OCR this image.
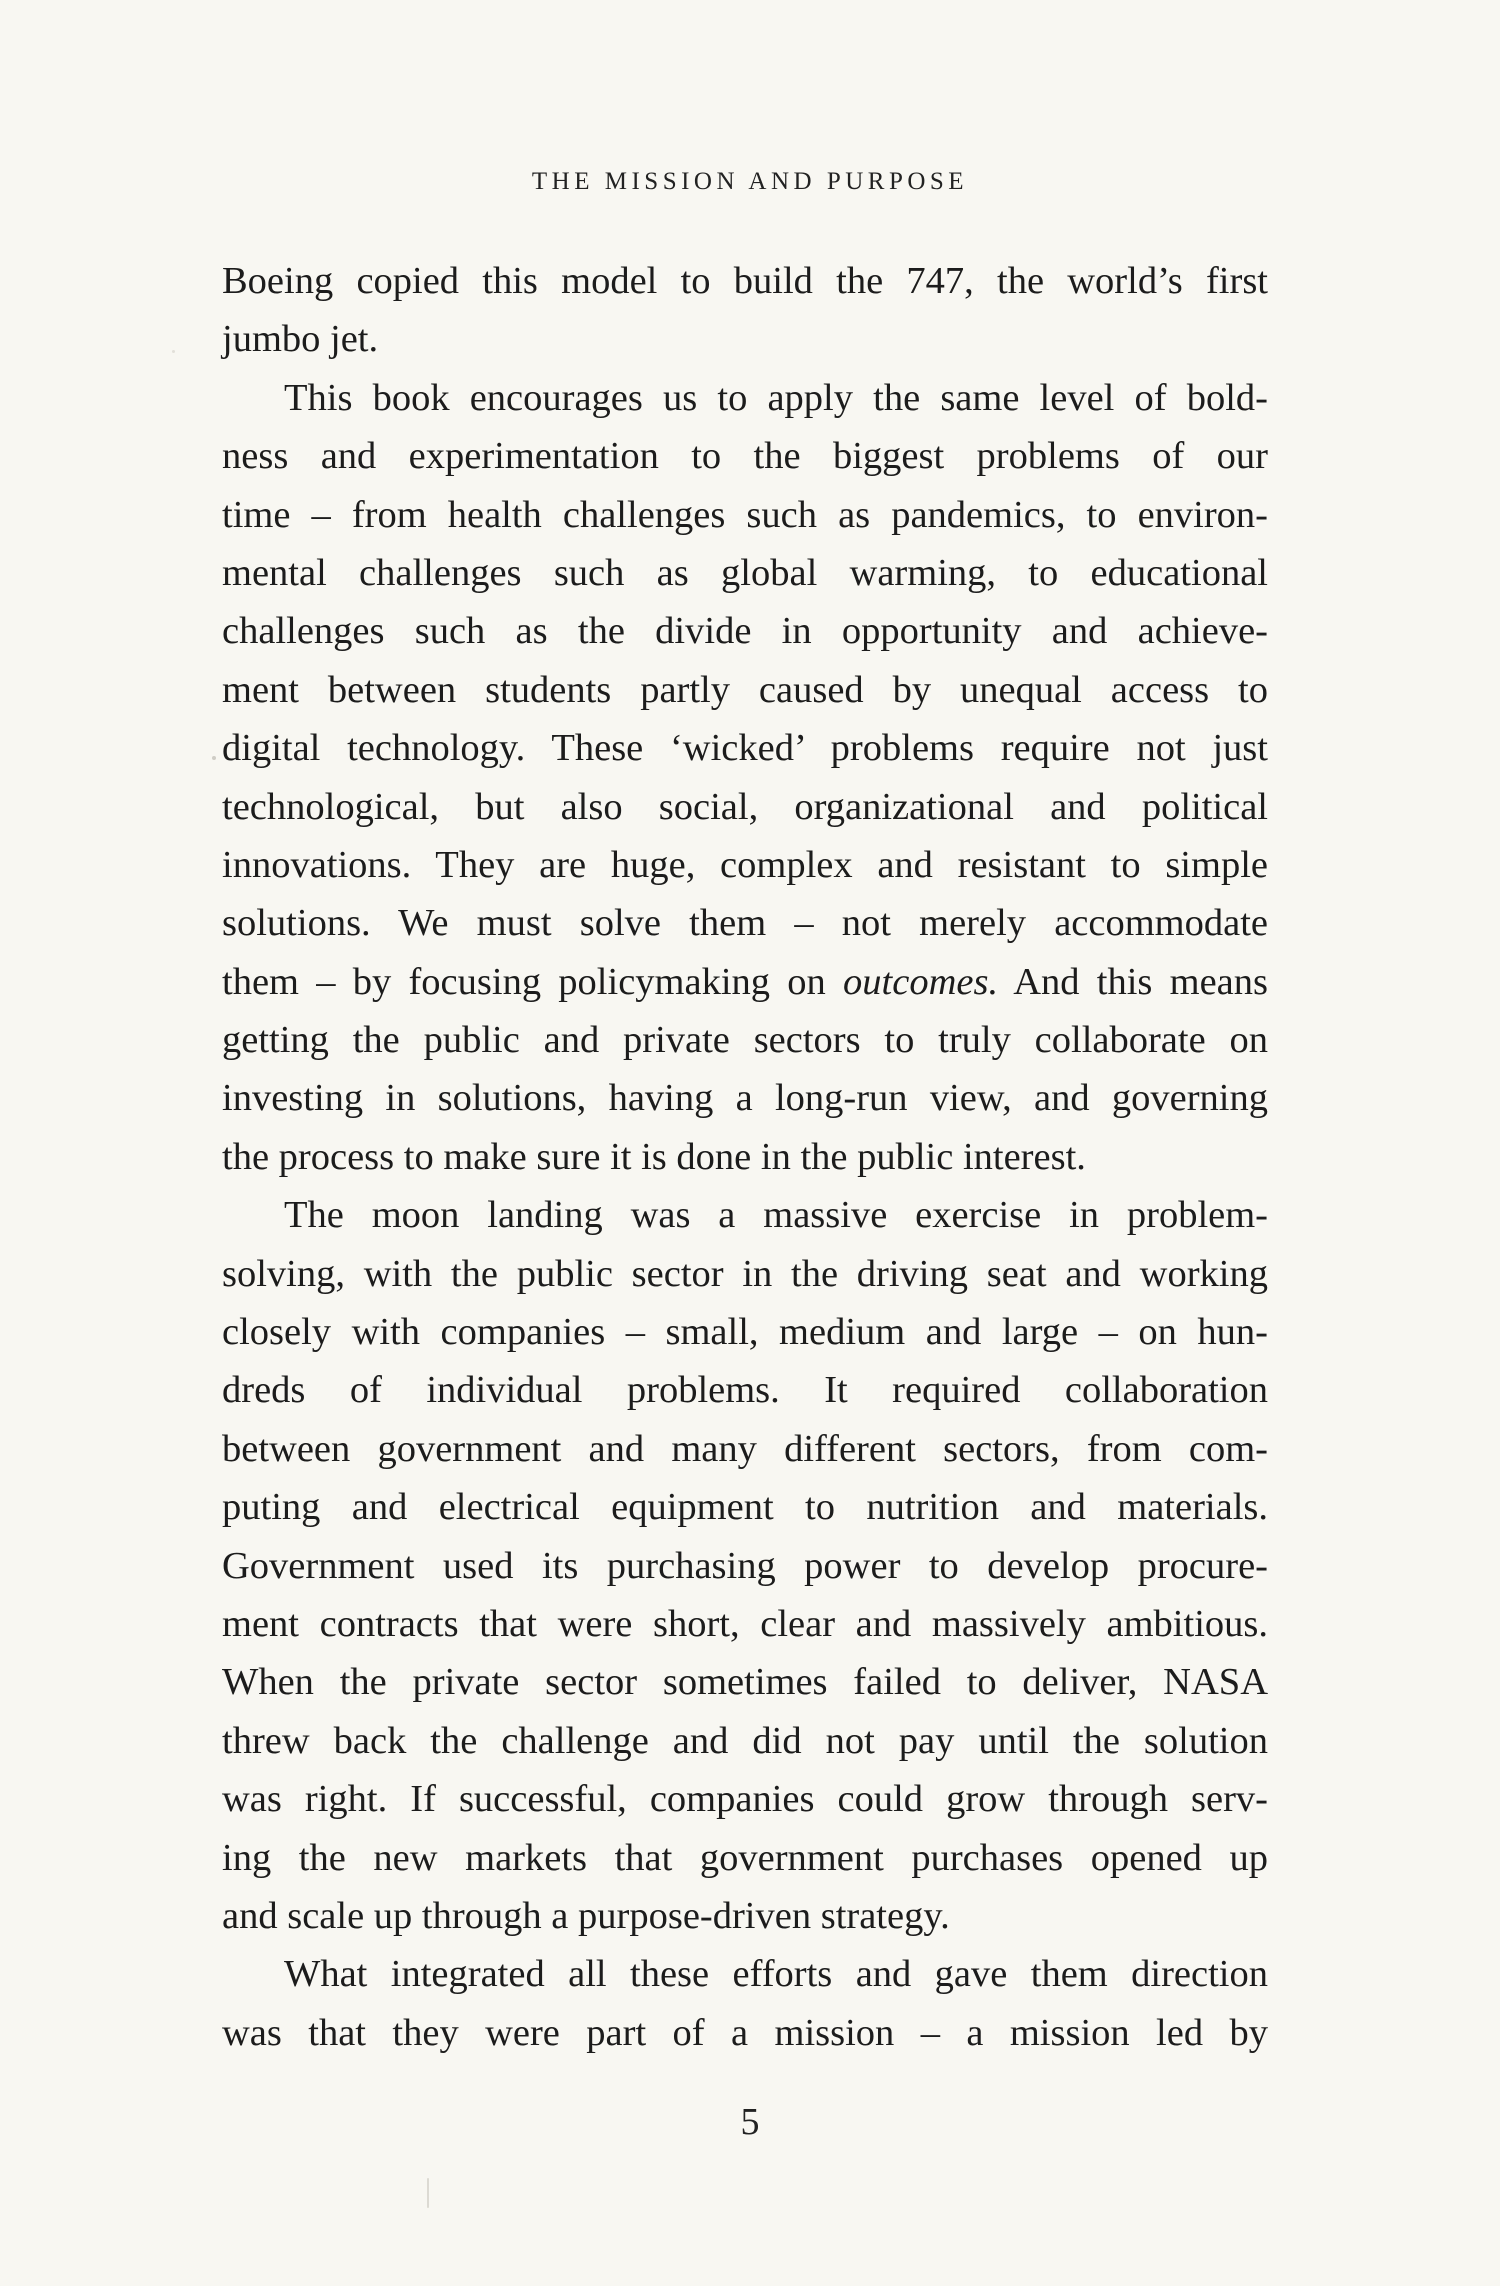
THE MISSION AND PURPOSE
Boeing copied this model to build the 747, the world’s first
jumbo jet.
This book encourages us to apply the same level of bold-
ness and experimentation to the biggest problems of our
time – from health challenges such as pandemics, to environ-
mental challenges such as global warming, to educational
challenges such as the divide in opportunity and achieve-
ment between students partly caused by unequal access to
digital technology. These ‘wicked’ problems require not just
technological, but also social, organizational and political
innovations. They are huge, complex and resistant to simple
solutions. We must solve them – not merely accommodate
them – by focusing policymaking on outcomes. And this means
getting the public and private sectors to truly collaborate on
investing in solutions, having a long-run view, and governing
the process to make sure it is done in the public interest.
The moon landing was a massive exercise in problem-
solving, with the public sector in the driving seat and working
closely with companies – small, medium and large – on hun-
dreds of individual problems. It required collaboration
between government and many different sectors, from com-
puting and electrical equipment to nutrition and materials.
Government used its purchasing power to develop procure-
ment contracts that were short, clear and massively ambitious.
When the private sector sometimes failed to deliver, NASA
threw back the challenge and did not pay until the solution
was right. If successful, companies could grow through serv-
ing the new markets that government purchases opened up
and scale up through a purpose-driven strategy.
What integrated all these efforts and gave them direction
was that they were part of a mission – a mission led by
5
